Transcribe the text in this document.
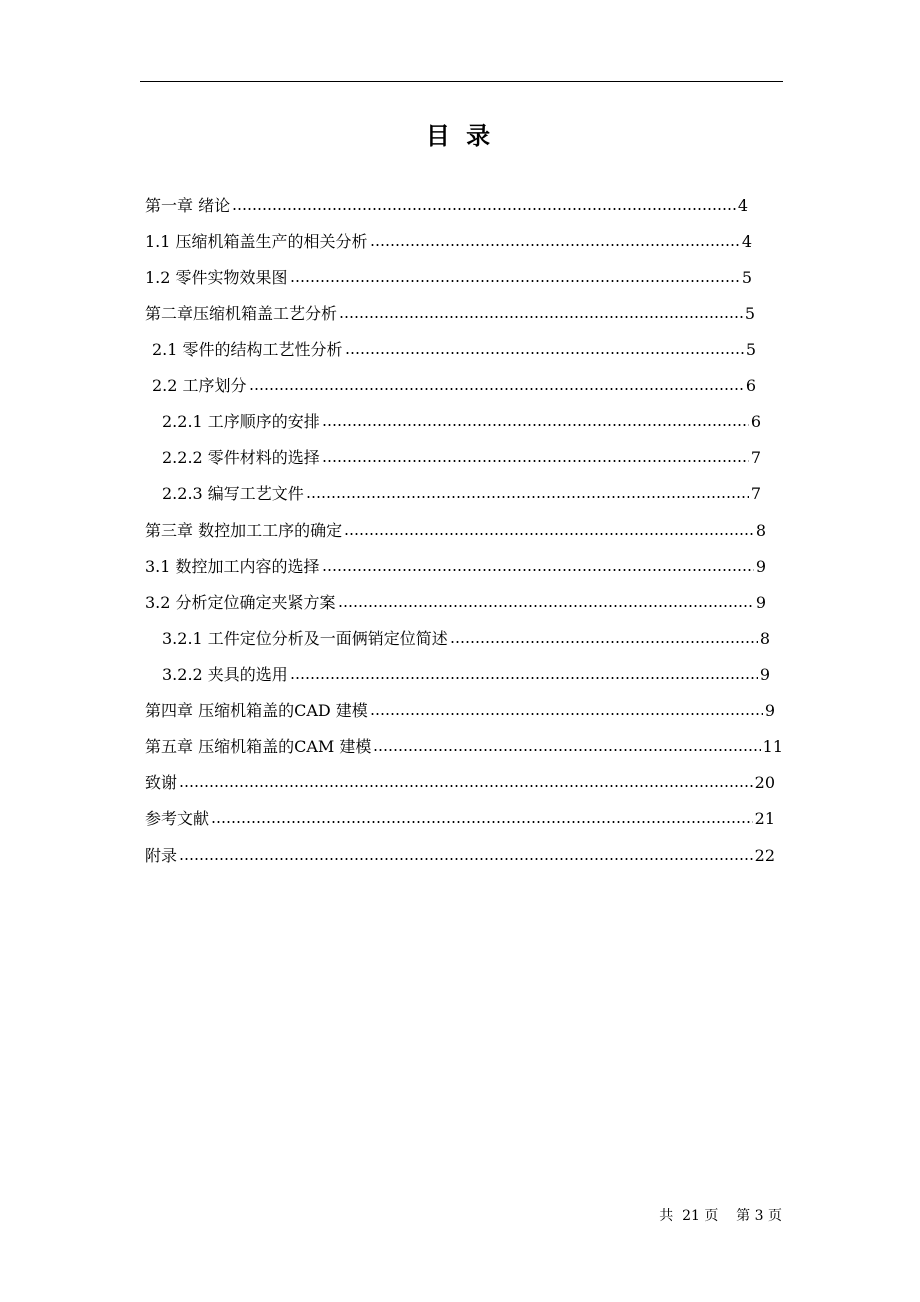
目 录
第一章 绪论	4
1.1 压缩机箱盖生产的相关分析	4
1.2 零件实物效果图	5
第二章压缩机箱盖工艺分析	5
2.1 零件的结构工艺性分析	5
2.2 工序划分	6
2.2.1 工序顺序的安排	6
2.2.2 零件材料的选择	7
2.2.3 编写工艺文件	7
第三章 数控加工工序的确定	8
3.1 数控加工内容的选择	9
3.2 分析定位确定夹紧方案	9
3.2.1 工件定位分析及一面俩销定位简述	8
3.2.2 夹具的选用	9
第四章 压缩机箱盖的CAD 建模	9
第五章 压缩机箱盖的CAM 建模	11
致谢	20
参考文献	21
附录	22
共  21 页    第 3 页
